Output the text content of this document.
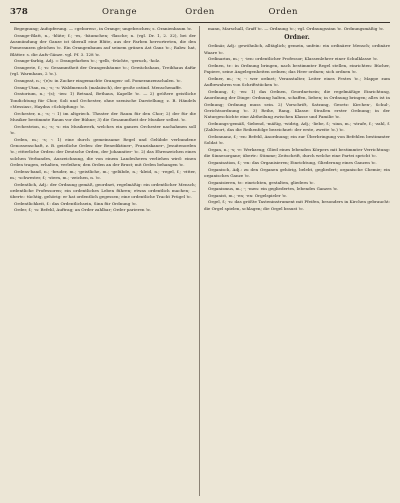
378	Orange	Orden	Orden

Begegnung; Aufopferung. — »geboren«, in Orange; ungebrochen; s. Oranienbaum ꝛc.

Orange-Blatt, n., -blüte; f.; -es, -bäumchen; -flasche; n. (vgl. Dr. 1, 2. 32), bei der Ausmündung der Ganze ist überall eine Blüte, aus der Farben hervortreten, die den Pomeranzen gleichen ꝛc. Ein Orangenbaum auf seinem grünen Ast Ganz ꝛc.; Rabw. hat, Blätter. s. die Aufs-Gänze. vgl. Pf. 3. 128 ꝛc.

Orange-farbig, Adj. = Drangefarben ꝛc.; -gelb, -früchte, -geruch, -holz.

Orangerie, f.; -n: Gesammtheit der Orangenbäume ꝛc.; Gewächshaus, Treibhaus dafür (vgl. Warmhaus, 2 ꝛc.).

Orangeat, n.; -(e)s: in Zucker eingemachte Orangen- od. Pomeranzenschalen. ꝛc.

Orang-Utan, m.; -s; -s: Waldmensch (malaiisch), der große ostind. Menschenaffe.

Oratorium, n.; -(s); -ien: 1) Betsaal, Bethaus, Kapelle ꝛc. — 2) größere geistliche Tondichtung für Chor, Soli und Orchester, ohne szenische Darstellung; z. B. Händels »Messias«, Haydns »Schöpfung« ꝛc.

Orchester, n.; -s; -: 1) im altgriech. Theater der Raum für den Chor; 2) der für die Musiker bestimmte Raum vor der Bühne; 3) die Gesammtheit der Musiker selbst. ꝛc.

Orchestrion, n.; -s; -s: ein Musikwerk, welches ein ganzes Orchester nachahmen soll ꝛc.

Orden, m.; -s; -: 1) eine durch gemeinsame Regel und Gelübde verbundene Genossenschaft, z. B. geistliche Orden: der Benediktiner-, Franziskaner-, Jesuitenorden ꝛc.; ritterliche Orden: der Deutsche Orden, der Johanniter- ꝛc. 2) das Ehrenzeichen eines solchen Verbandes, Auszeichnung, die von einem Landesherrn verliehen wird: einen Orden tragen, erhalten, verleihen; den Orden an der Brust; mit Orden behangen ꝛc.

Ordens-band, n.; -bruder, m.; -geistliche, m.; -gelübde, n.; -kleid, n.; -regel, f.; -ritter, m.; -schwester, f.; -stern, m.; -zeichen, n. ꝛc.

Ordentlich, Adj.: der Ordnung gemäß, geordnet, regelmäßig: ein ordentlicher Mensch; ordentliche Professoren; ein ordentliches Leben führen; etwas ordentlich machen; — übertr.: tüchtig, gehörig: er hat ordentlich gegessen; eine ordentliche Tracht Prügel ꝛc.

Ordentlichkeit, f.: das Ordentlichsein, Sinn für Ordnung ꝛc.

Order, f.; -n: Befehl, Auftrag; an Order zahlbar; Order parieren ꝛc.

mann, Marschall, Graff ꝛc. — Ordnung ꝛc.; vgl. Ordnungssinn ꝛc. Ordnungsmäßig ꝛc.

Ordner.

Ordinär, Adj.: gewöhnlich, alltäglich; gemein, unfein: ein ordinärer Mensch; ordinäre Waare ꝛc.

Ordinarius, m.; -; -ien: ordentlicher Professor; Klassenlehrer einer Schulklasse ꝛc.

Ordnen, tr.: in Ordnung bringen, nach bestimmter Regel stellen, einrichten: Bücher, Papiere, seine Angelegenheiten ordnen; das Heer ordnen; sich ordnen ꝛc.

Ordner, m.; -s; -: wer ordnet; Veranstalter, Leiter eines Festes ꝛc.; Mappe zum Aufbewahren von Schriftstücken ꝛc.

Ordnung, f.; -en: 1) das Ordnen, Geordnetsein; die regelmäßige Einrichtung, Anordnung der Dinge: Ordnung halten, schaffen, lieben; in Ordnung bringen; alles ist in Ordnung; Ordnung muss sein. 2) Vorschrift, Satzung, Gesetz: Kirchen-, Schul-, Gerichtsordnung ꝛc. 3) Reihe, Rang, Klasse: Straßen erster Ordnung; in der Naturgeschichte eine Abtheilung zwischen Klasse und Familie ꝛc.

Ordnungs-gemäß, -liebend, -mäßig, -widrig, Adj.; -liebe, f.; -sinn, m.; -strafe, f.; -zahl, f. (Zahlwort, das die Reihenfolge bezeichnet: der erste, zweite ꝛc.) ꝛc.

Ordonnanz, f.; -en: Befehl, Anordnung; ein zur Überbringung von Befehlen bestimmter Soldat ꝛc.

Organ, n.; -s; -e: Werkzeug; Glied eines lebenden Körpers mit bestimmter Verrichtung: die Sinnesorgane; übertr.: Stimme; Zeitschrift, durch welche eine Partei spricht ꝛc.

Organisation, f.; -en: das Organisieren; Einrichtung, Gliederung eines Ganzen ꝛc.

Organisch, Adj.: zu den Organen gehörig, belebt, gegliedert; organische Chemie; ein organisches Ganze ꝛc.

Organisieren, tr.: einrichten, gestalten, gliedern ꝛc.

Organismus, m.; -; -men: ein gegliedertes, lebendes Ganzes ꝛc.

Organist, m.; -en; -en: Orgelspieler ꝛc.

Orgel, f.; -n: das größte Tasteninstrument mit Pfeifen, besonders in Kirchen gebraucht: die Orgel spielen, schlagen; die Orgel braust ꝛc.
